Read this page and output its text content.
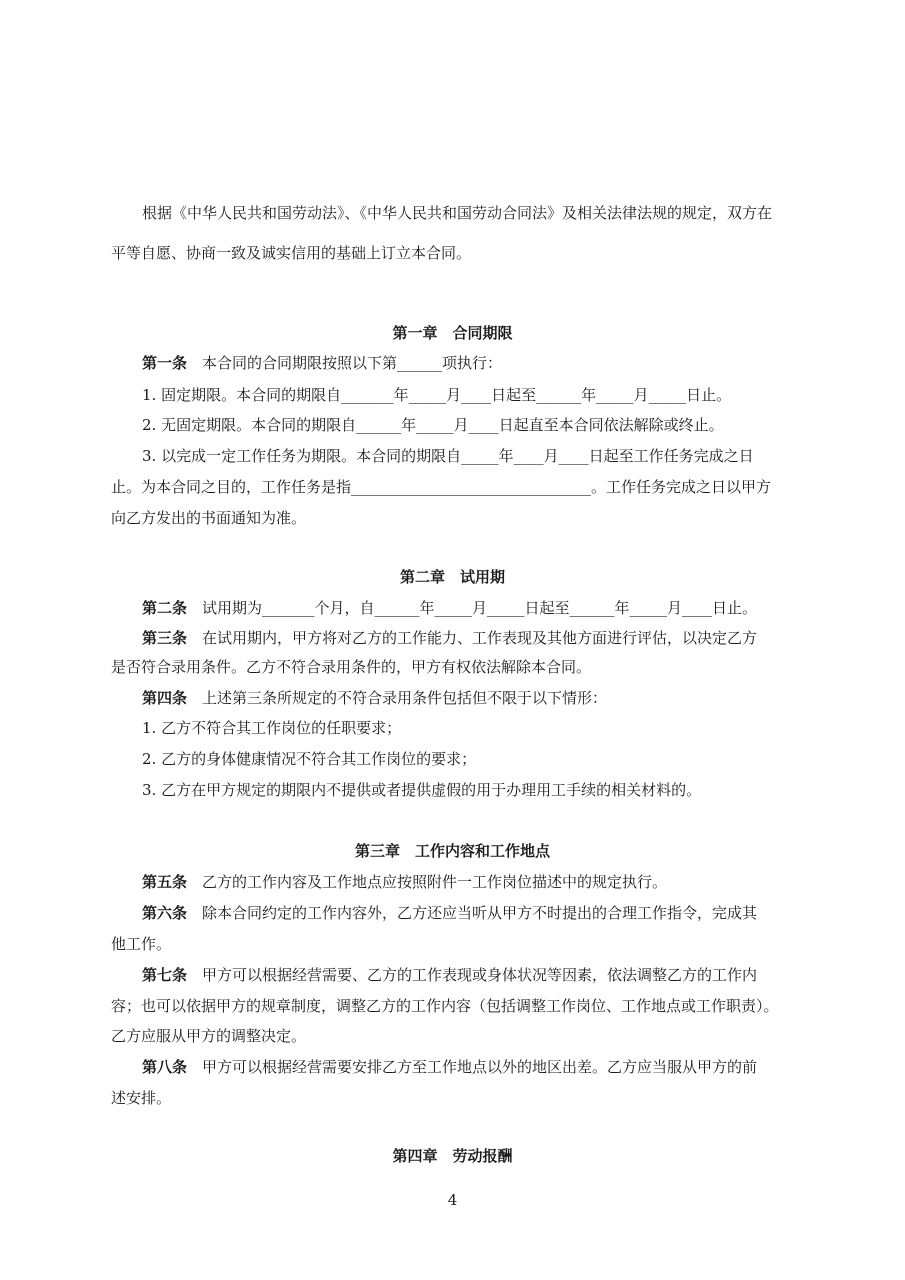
根据《中华人民共和国劳动法》、《中华人民共和国劳动合同法》及相关法律法规的规定，双方在
平等自愿、协商一致及诚实信用的基础上订立本合同。
第一章　合同期限
第一条　本合同的合同期限按照以下第______项执行：
1. 固定期限。本合同的期限自_______年_____月____日起至______年_____月_____日止。
2. 无固定期限。本合同的期限自______年_____月____日起直至本合同依法解除或终止。
3. 以完成一定工作任务为期限。本合同的期限自_____年____月____日起至工作任务完成之日
止。为本合同之目的，工作任务是指________________________________。工作任务完成之日以甲方
向乙方发出的书面通知为准。
第二章　试用期
第二条　试用期为_______个月，自______年_____月_____日起至______年_____月____日止。
第三条　在试用期内，甲方将对乙方的工作能力、工作表现及其他方面进行评估，以决定乙方
是否符合录用条件。乙方不符合录用条件的，甲方有权依法解除本合同。
第四条　上述第三条所规定的不符合录用条件包括但不限于以下情形：
1. 乙方不符合其工作岗位的任职要求；
2. 乙方的身体健康情况不符合其工作岗位的要求；
3. 乙方在甲方规定的期限内不提供或者提供虚假的用于办理用工手续的相关材料的。
第三章　工作内容和工作地点
第五条　乙方的工作内容及工作地点应按照附件一工作岗位描述中的规定执行。
第六条　除本合同约定的工作内容外，乙方还应当听从甲方不时提出的合理工作指令，完成其
他工作。
第七条　甲方可以根据经营需要、乙方的工作表现或身体状况等因素，依法调整乙方的工作内
容；也可以依据甲方的规章制度，调整乙方的工作内容（包括调整工作岗位、工作地点或工作职责）。
乙方应服从甲方的调整决定。
第八条　甲方可以根据经营需要安排乙方至工作地点以外的地区出差。乙方应当服从甲方的前
述安排。
第四章　劳动报酬
4
